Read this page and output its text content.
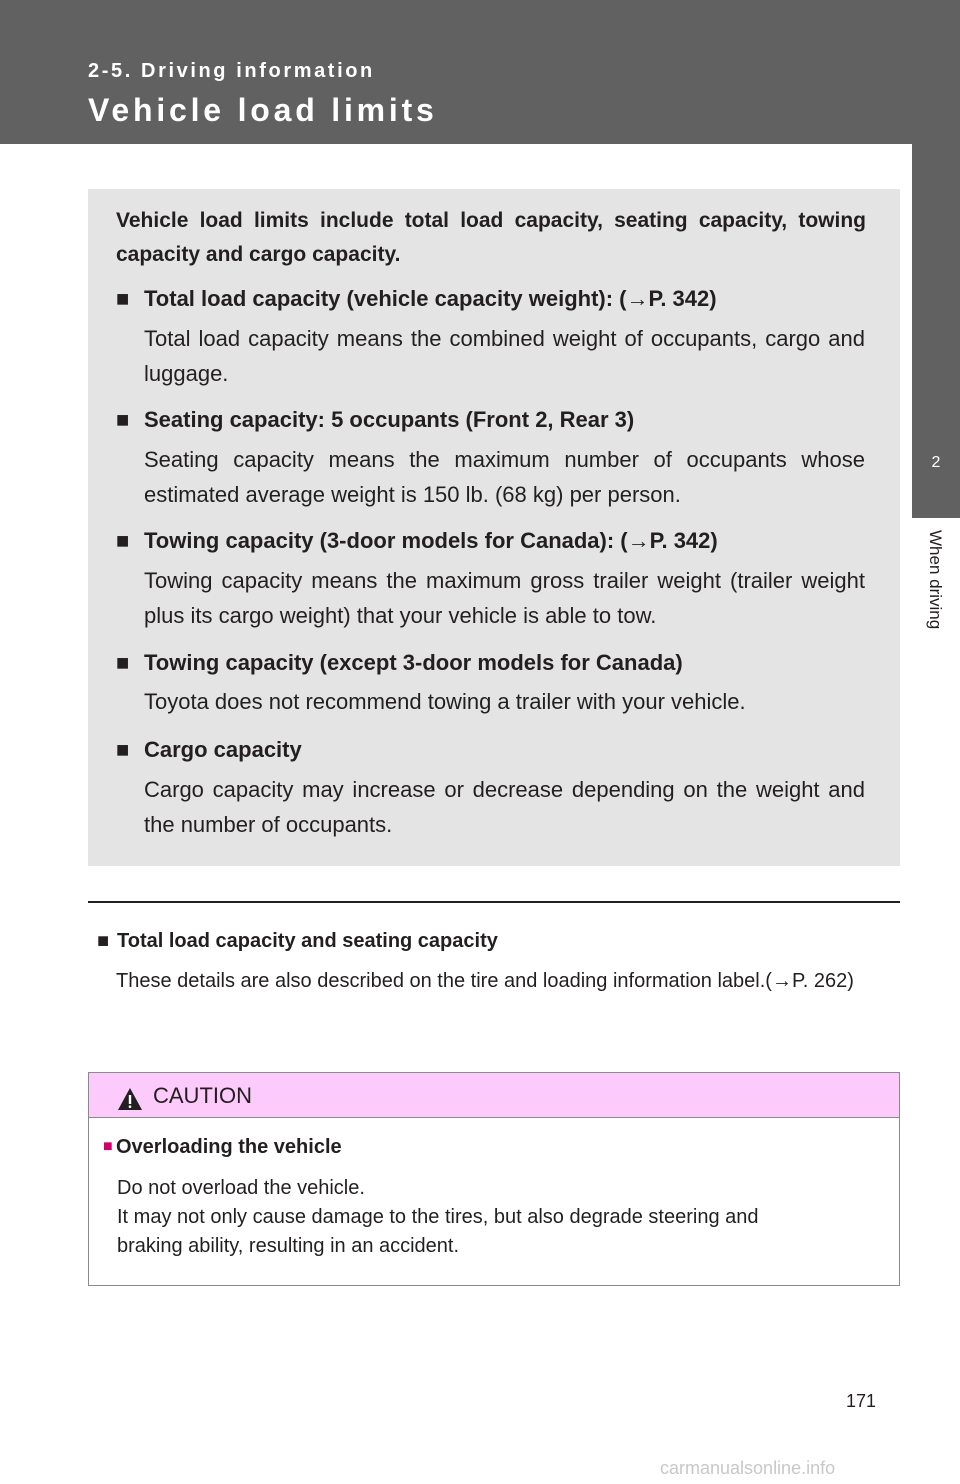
2-5. Driving information

Vehicle load limits
2
When driving

Vehicle load limits include total load capacity, seating capacity, towing capacity and cargo capacity.

■ Total load capacity (vehicle capacity weight): (→P. 342)

Total load capacity means the combined weight of occupants, cargo and luggage.

■ Seating capacity: 5 occupants (Front 2, Rear 3)

Seating capacity means the maximum number of occupants whose estimated average weight is 150 lb. (68 kg) per person.

■ Towing capacity (3-door models for Canada): (→P. 342)

Towing capacity means the maximum gross trailer weight (trailer weight plus its cargo weight) that your vehicle is able to tow.

■ Towing capacity (except 3-door models for Canada)

Toyota does not recommend towing a trailer with your vehicle.

■ Cargo capacity

Cargo capacity may increase or decrease depending on the weight and the number of occupants.

■ Total load capacity and seating capacity

These details are also described on the tire and loading information label.(→P. 262)

CAUTION

■ Overloading the vehicle

Do not overload the vehicle.

It may not only cause damage to the tires, but also degrade steering and

braking ability, resulting in an accident.

171

carmanualsonline.info
